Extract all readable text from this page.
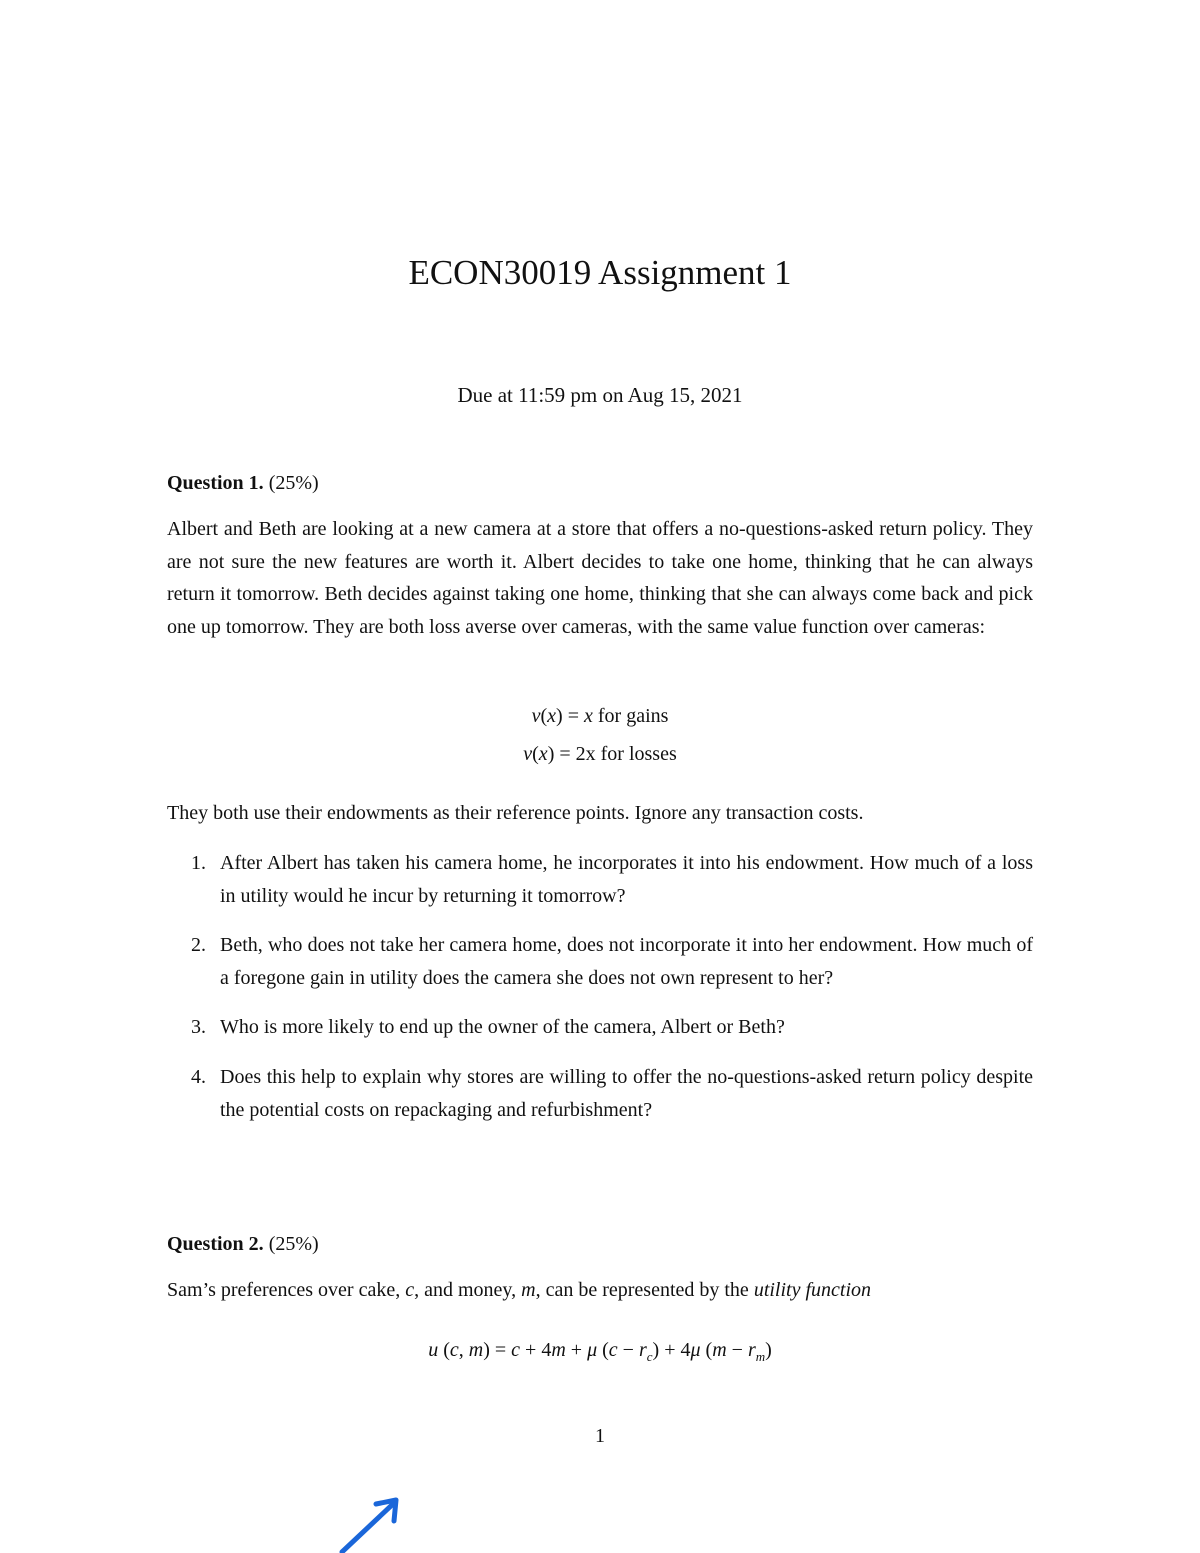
ECON30019 Assignment 1
Due at 11:59 pm on Aug 15, 2021
Question 1. (25%)
Albert and Beth are looking at a new camera at a store that offers a no-questions-asked return policy. They are not sure the new features are worth it. Albert decides to take one home, thinking that he can always return it tomorrow. Beth decides against taking one home, thinking that she can always come back and pick one up tomorrow. They are both loss averse over cameras, with the same value function over cameras:
v(x) = x for gains
v(x) = 2x for losses
They both use their endowments as their reference points. Ignore any transaction costs.
1. After Albert has taken his camera home, he incorporates it into his endowment. How much of a loss in utility would he incur by returning it tomorrow?
2. Beth, who does not take her camera home, does not incorporate it into her endowment. How much of a foregone gain in utility does the camera she does not own represent to her?
3. Who is more likely to end up the owner of the camera, Albert or Beth?
4. Does this help to explain why stores are willing to offer the no-questions-asked return policy despite the potential costs on repackaging and refurbishment?
Question 2. (25%)
Sam’s preferences over cake, c, and money, m, can be represented by the utility function
u (c, m) = c + 4m + μ $(c - r_c) + 4\mu$ $(m - r_m)$
1
